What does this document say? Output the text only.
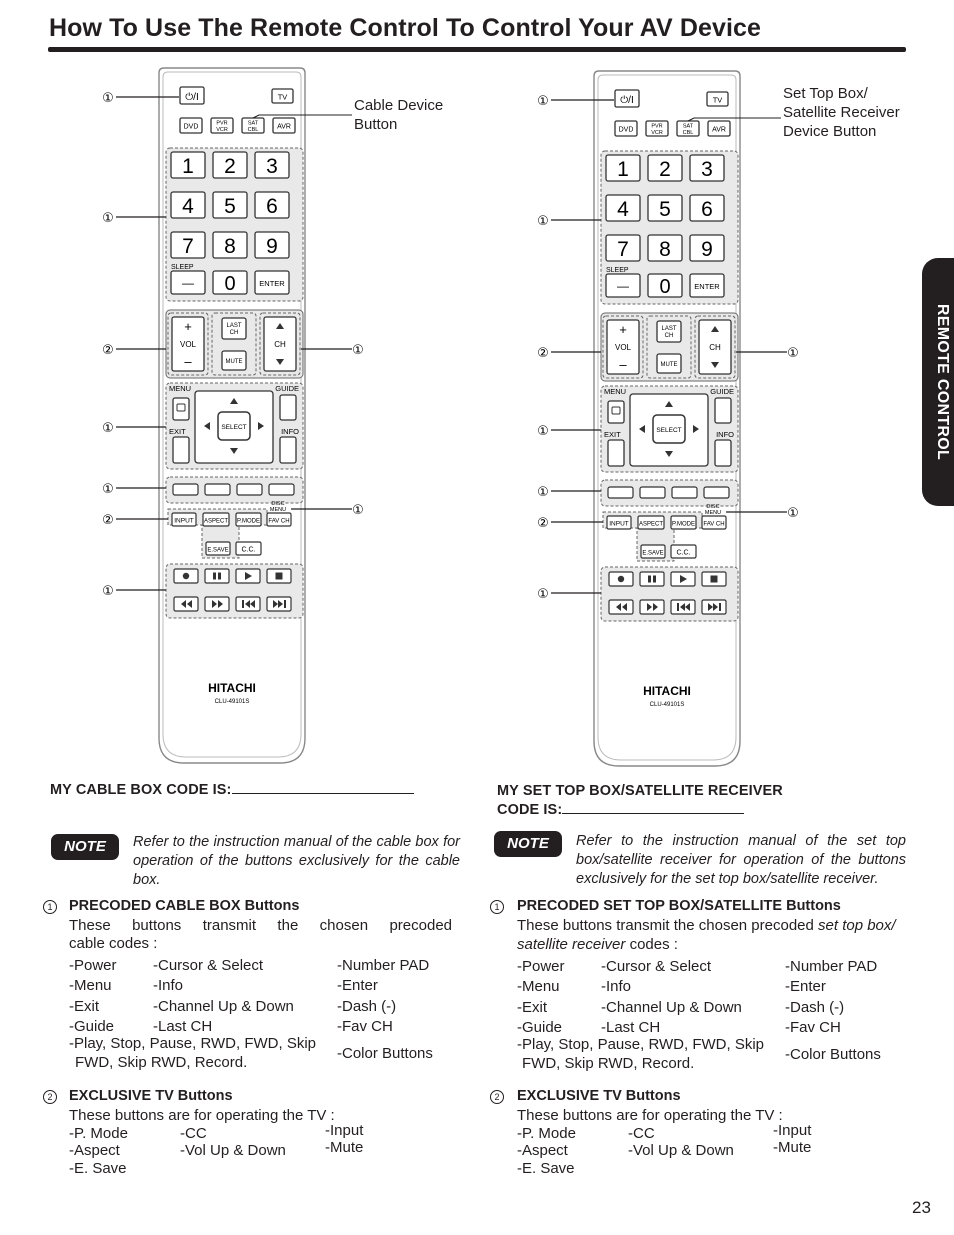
How To Use The Remote Control To Control Your AV Device
REMOTE CONTROL
⏻/I	TV
DVD	PVR
VCR
SAT
CBL	AVR
1 2 3
4 5 6
7 8 9
SLEEP
— 0	ENTER
+
VOL
–
CH
LAST
CH
MUTE
MENU	GUIDE
EXIT	INFO
SELECT
DISC
MENU
INPUT ASPECT P.MODE FAV CH
E.SAVE C.C.
HITACHI
CLU-49101S
①
①
②	①
①
①
②
①
①
⏻/I	TV
DVD	PVR
VCR
SAT
CBL	AVR
1 2 3
4 5 6
7 8 9
SLEEP
— 0	ENTER
+
VOL
–
CH
LAST
CH
MUTE
MENU	GUIDE
EXIT	INFO
SELECT
DISC
MENU
INPUT ASPECT P.MODE FAV CH
E.SAVE C.C.
HITACHI
CLU-49101S
①
①
②	①
①
①
②
①
①
Cable Device
Button
Set Top Box/
Satellite Receiver
Device Button
MY CABLE BOX CODE IS:
NOTE	Refer to the instruction manual of the cable box for operation of the buttons exclusively for the cable box.
1	PRECODED CABLE BOX Buttons
These buttons transmit the chosen precoded
cable codes :
-Power -Cursor & Select	-Number PAD
-Menu	-Info	-Enter
-Exit	-Channel Up & Down	-Dash (-)
-Guide	-Last CH	-Fav CH
-Play, Stop, Pause, RWD, FWD, Skip
FWD, Skip RWD, Record.
-Color Buttons
2	EXCLUSIVE TV Buttons
These buttons are for operating the TV :
-P. Mode	-CC	-Input
-Aspect	-Vol Up & Down	-Mute
-E. Save
MY SET TOP BOX/SATELLITE RECEIVER
CODE IS:
NOTE	Refer to the instruction manual of the set top box/satellite receiver for operation of the buttons exclusively for the set top box/satellite receiver.
1	PRECODED SET TOP BOX/SATELLITE Buttons
These buttons transmit the chosen precoded set top box/
satellite receiver codes :
-Power -Cursor & Select	-Number PAD
-Menu	-Info	-Enter
-Exit	-Channel Up & Down	-Dash (-)
-Guide	-Last CH	-Fav CH
-Play, Stop, Pause, RWD, FWD, Skip
FWD, Skip RWD, Record.
-Color Buttons
2	EXCLUSIVE TV Buttons
These buttons are for operating the TV :
-P. Mode	-CC	-Input
-Aspect	-Vol Up & Down	-Mute
-E. Save
23
